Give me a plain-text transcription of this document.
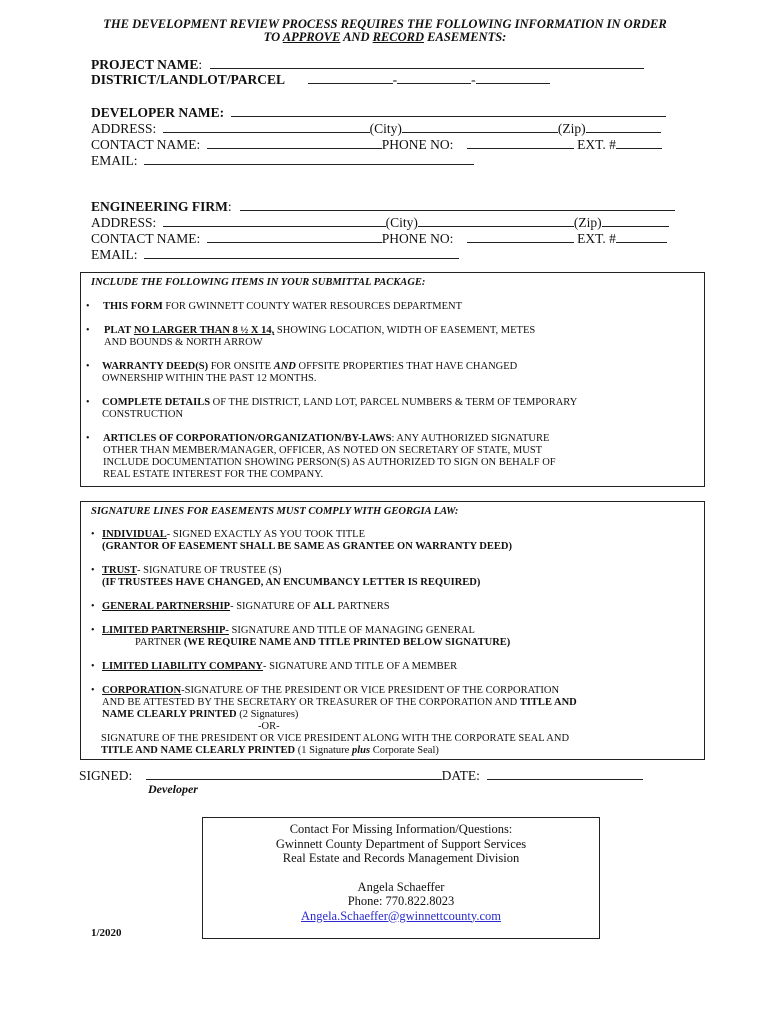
THE DEVELOPMENT REVIEW PROCESS REQUIRES THE FOLLOWING INFORMATION IN ORDER
TO APPROVE AND RECORD EASEMENTS:
PROJECT NAME:
DISTRICT/LANDLOT/PARCEL	-	-
DEVELOPER NAME:
ADDRESS:	(City)	(Zip)
CONTACT NAME:	PHONE NO:	EXT. #
EMAIL:
ENGINEERING FIRM:
ADDRESS:	(City)	(Zip)
CONTACT NAME:	PHONE NO:	EXT. #
EMAIL:
INCLUDE THE FOLLOWING ITEMS IN YOUR SUBMITTAL PACKAGE:
• THIS FORM FOR GWINNETT COUNTY WATER RESOURCES DEPARTMENT
• PLAT NO LARGER THAN 8 ½ X 14, SHOWING LOCATION, WIDTH OF EASEMENT, METES
AND BOUNDS & NORTH ARROW
• WARRANTY DEED(S) FOR ONSITE AND OFFSITE PROPERTIES THAT HAVE CHANGED
OWNERSHIP WITHIN THE PAST 12 MONTHS.
• COMPLETE DETAILS OF THE DISTRICT, LAND LOT, PARCEL NUMBERS & TERM OF TEMPORARY
CONSTRUCTION
• ARTICLES OF CORPORATION/ORGANIZATION/BY-LAWS: ANY AUTHORIZED SIGNATURE
OTHER THAN MEMBER/MANAGER, OFFICER, AS NOTED ON SECRETARY OF STATE, MUST
INCLUDE DOCUMENTATION SHOWING PERSON(S) AS AUTHORIZED TO SIGN ON BEHALF OF
REAL ESTATE INTEREST FOR THE COMPANY.
SIGNATURE LINES FOR EASEMENTS MUST COMPLY WITH GEORGIA LAW:
• INDIVIDUAL- SIGNED EXACTLY AS YOU TOOK TITLE
(GRANTOR OF EASEMENT SHALL BE SAME AS GRANTEE ON WARRANTY DEED)
• TRUST- SIGNATURE OF TRUSTEE (S)
(IF TRUSTEES HAVE CHANGED, AN ENCUMBANCY LETTER IS REQUIRED)
• GENERAL PARTNERSHIP- SIGNATURE OF ALL PARTNERS
• LIMITED PARTNERSHIP- SIGNATURE AND TITLE OF MANAGING GENERAL
PARTNER (WE REQUIRE NAME AND TITLE PRINTED BELOW SIGNATURE)
• LIMITED LIABILITY COMPANY- SIGNATURE AND TITLE OF A MEMBER
• CORPORATION-SIGNATURE OF THE PRESIDENT OR VICE PRESIDENT OF THE CORPORATION
AND BE ATTESTED BY THE SECRETARY OR TREASURER OF THE CORPORATION AND TITLE AND
NAME CLEARLY PRINTED (2 Signatures)
-OR-
SIGNATURE OF THE PRESIDENT OR VICE PRESIDENT ALONG WITH THE CORPORATE SEAL AND
TITLE AND NAME CLEARLY PRINTED (1 Signature plus Corporate Seal)
SIGNED:	DATE:
Developer
Contact For Missing Information/Questions:
Gwinnett County Department of Support Services
Real Estate and Records Management Division
Angela Schaeffer
Phone: 770.822.8023
Angela.Schaeffer@gwinnettcounty.com
1/2020
